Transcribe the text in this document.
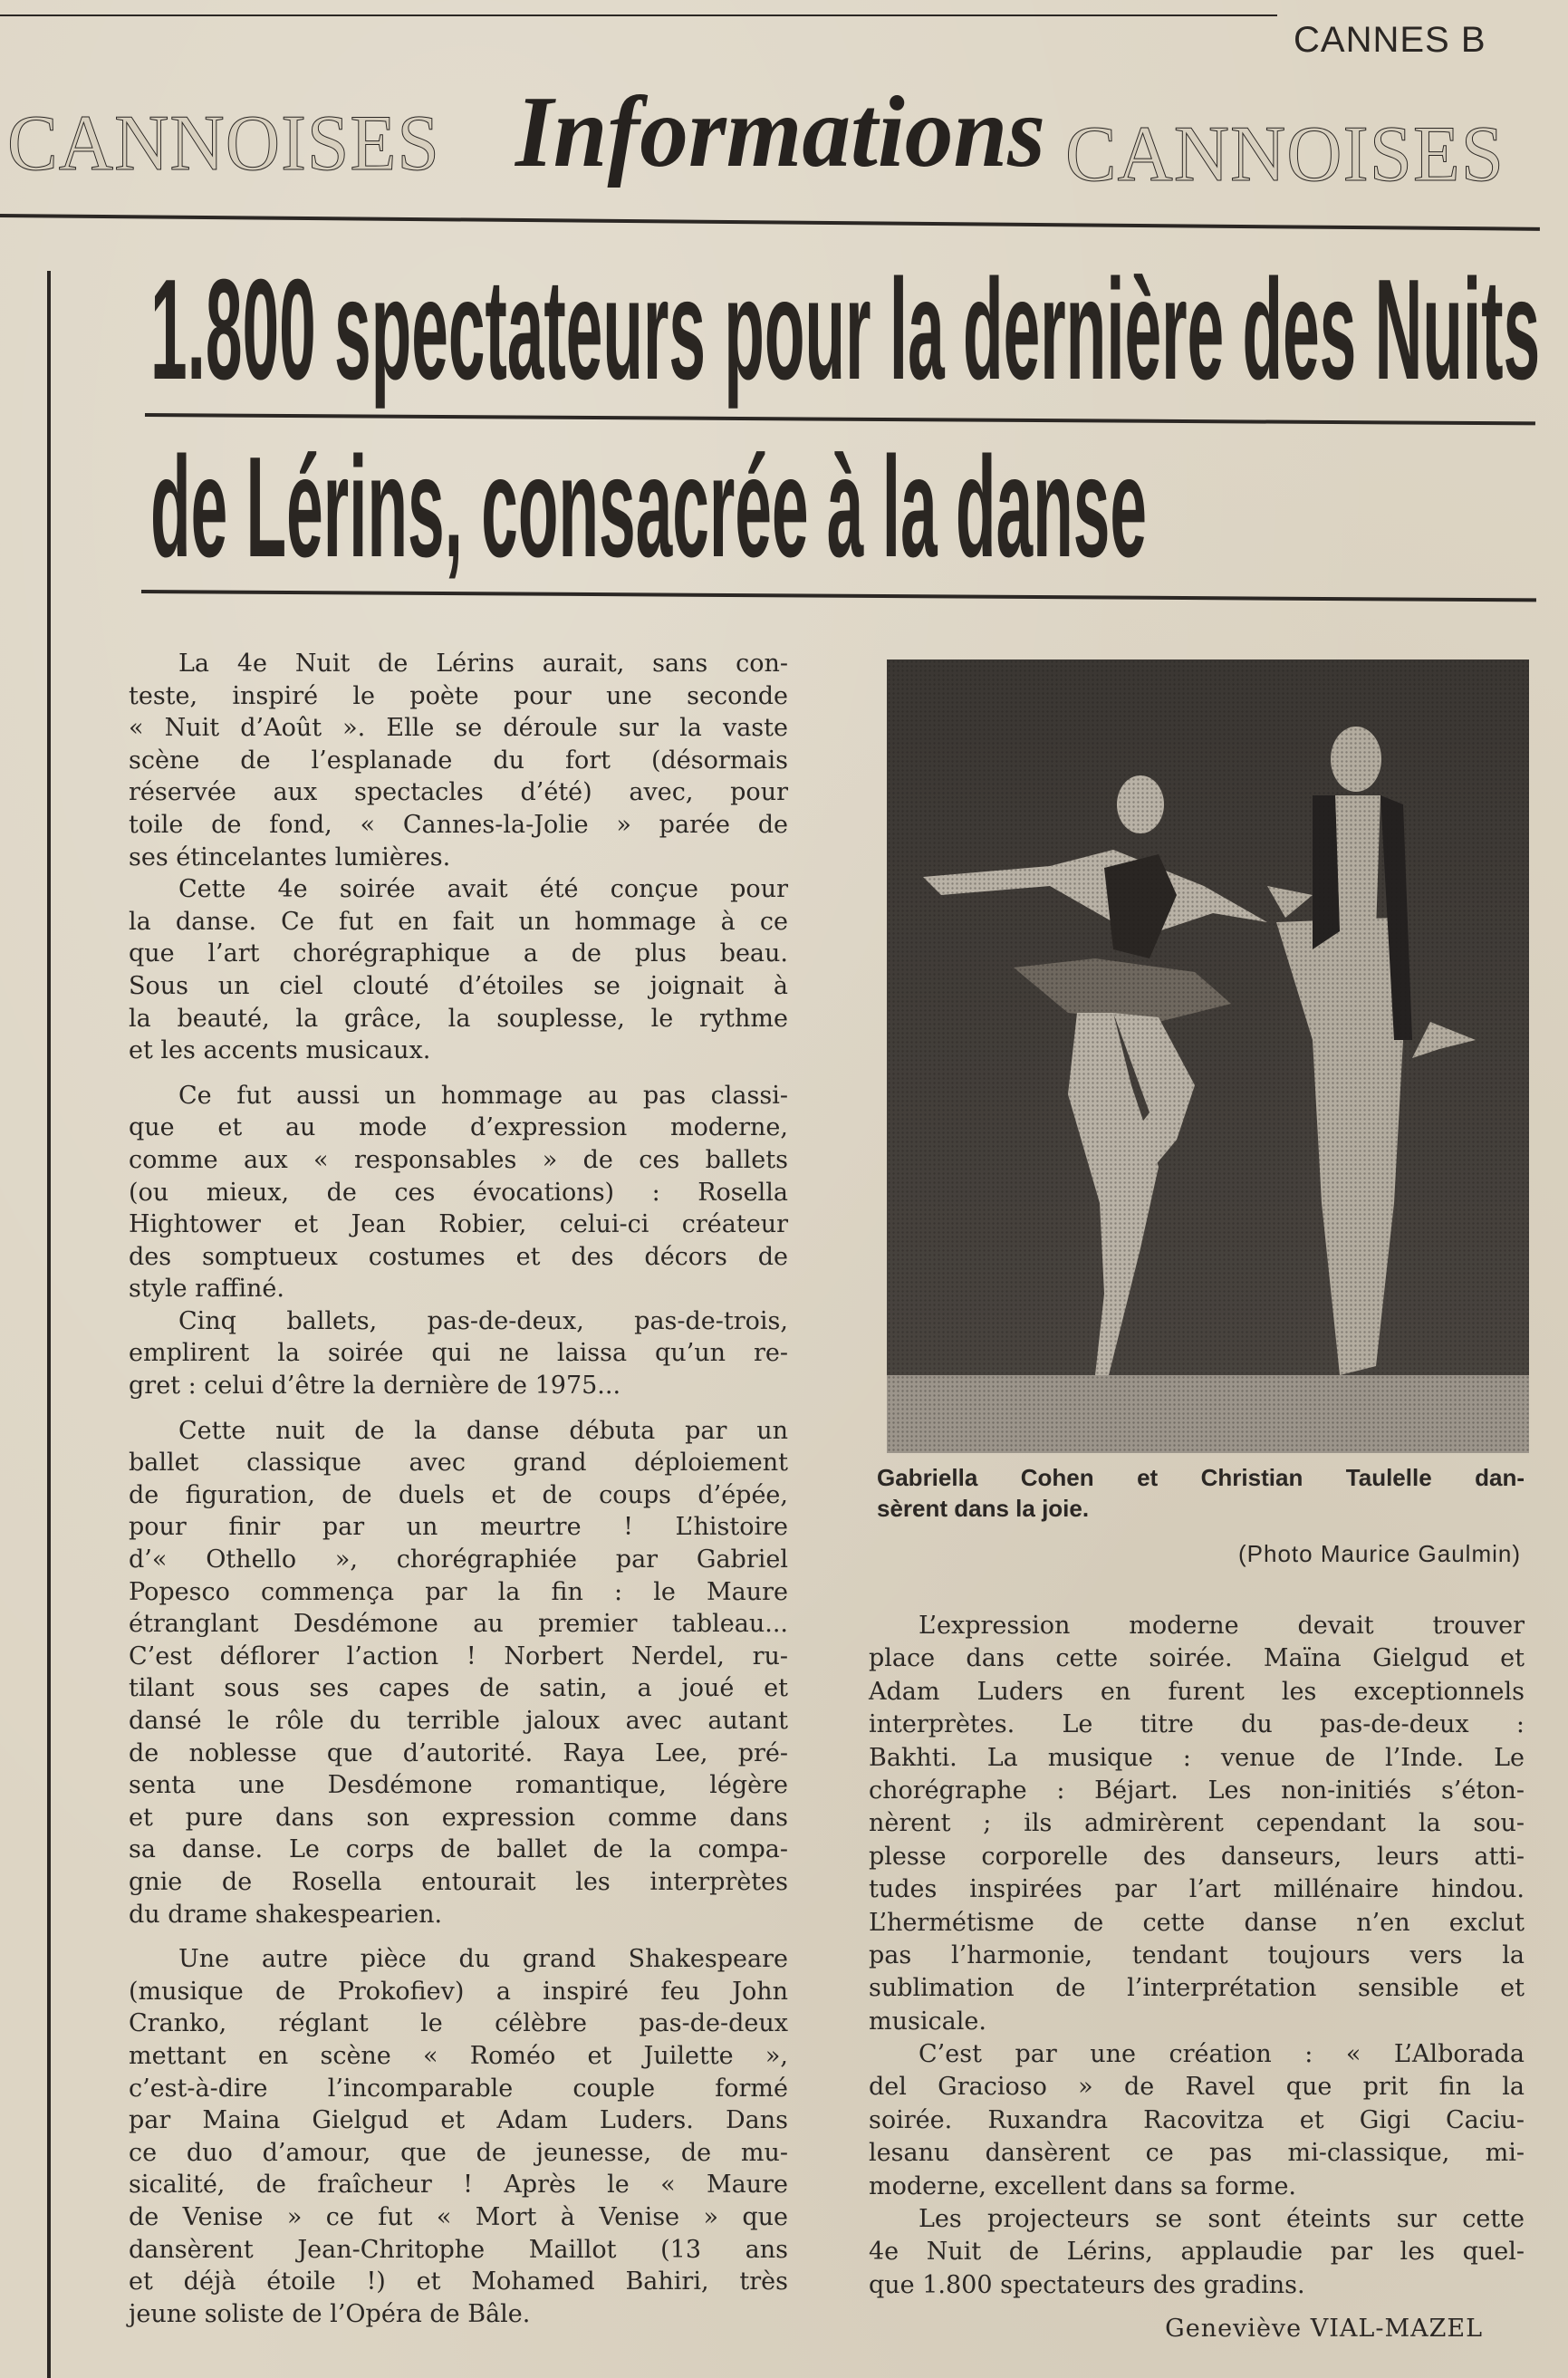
CANNES B
CANNOISES Informations CANNOISES
1.800 spectateurs pour la dernière des Nuits
de Lérins, consacrée à la danse
La 4e Nuit de Lérins aurait, sans con-
teste, inspiré le poète pour une seconde
« Nuit d’Août ». Elle se déroule sur la vaste
scène de l’esplanade du fort (désormais
réservée aux spectacles d’été) avec, pour
toile de fond, « Cannes-la-Jolie » parée de
ses étincelantes lumières.
Cette 4e soirée avait été conçue pour
la danse. Ce fut en fait un hommage à ce
que l’art chorégraphique a de plus beau.
Sous un ciel clouté d’étoiles se joignait à
la beauté, la grâce, la souplesse, le rythme
et les accents musicaux.
Ce fut aussi un hommage au pas classi-
que et au mode d’expression moderne,
comme aux « responsables » de ces ballets
(ou mieux, de ces évocations) : Rosella
Hightower et Jean Robier, celui-ci créateur
des somptueux costumes et des décors de
style raffiné.
Cinq ballets, pas-de-deux, pas-de-trois,
emplirent la soirée qui ne laissa qu’un re-
gret : celui d’être la dernière de 1975...
Cette nuit de la danse débuta par un
ballet classique avec grand déploiement
de figuration, de duels et de coups d’épée,
pour finir par un meurtre ! L’histoire
d’« Othello », chorégraphiée par Gabriel
Popesco commença par la fin : le Maure
étranglant Desdémone au premier tableau...
C’est déflorer l’action ! Norbert Nerdel, ru-
tilant sous ses capes de satin, a joué et
dansé le rôle du terrible jaloux avec autant
de noblesse que d’autorité. Raya Lee, pré-
senta une Desdémone romantique, légère
et pure dans son expression comme dans
sa danse. Le corps de ballet de la compa-
gnie de Rosella entourait les interprètes
du drame shakespearien.
Une autre pièce du grand Shakespeare
(musique de Prokofiev) a inspiré feu John
Cranko, réglant le célèbre pas-de-deux
mettant en scène « Roméo et Juilette »,
c’est-à-dire l’incomparable couple formé
par Maina Gielgud et Adam Luders. Dans
ce duo d’amour, que de jeunesse, de mu-
sicalité, de fraîcheur ! Après le « Maure
de Venise » ce fut « Mort à Venise » que
dansèrent Jean-Chritophe Maillot (13 ans
et déjà étoile !) et Mohamed Bahiri, très
jeune soliste de l’Opéra de Bâle.
Gabriella Cohen et Christian Taulelle dan-
sèrent dans la joie.
(Photo Maurice Gaulmin)
L’expression moderne devait trouver
place dans cette soirée. Maïna Gielgud et
Adam Luders en furent les exceptionnels
interprètes. Le titre du pas-de-deux :
Bakhti. La musique : venue de l’Inde. Le
chorégraphe : Béjart. Les non-initiés s’éton-
nèrent ; ils admirèrent cependant la sou-
plesse corporelle des danseurs, leurs atti-
tudes inspirées par l’art millénaire hindou.
L’hermétisme de cette danse n’en exclut
pas l’harmonie, tendant toujours vers la
sublimation de l’interprétation sensible et
musicale.
C’est par une création : « L’Alborada
del Gracioso » de Ravel que prit fin la
soirée. Ruxandra Racovitza et Gigi Caciu-
lesanu dansèrent ce pas mi-classique, mi-
moderne, excellent dans sa forme.
Les projecteurs se sont éteints sur cette
4e Nuit de Lérins, applaudie par les quel-
que 1.800 spectateurs des gradins.
Geneviève VIAL-MAZEL
